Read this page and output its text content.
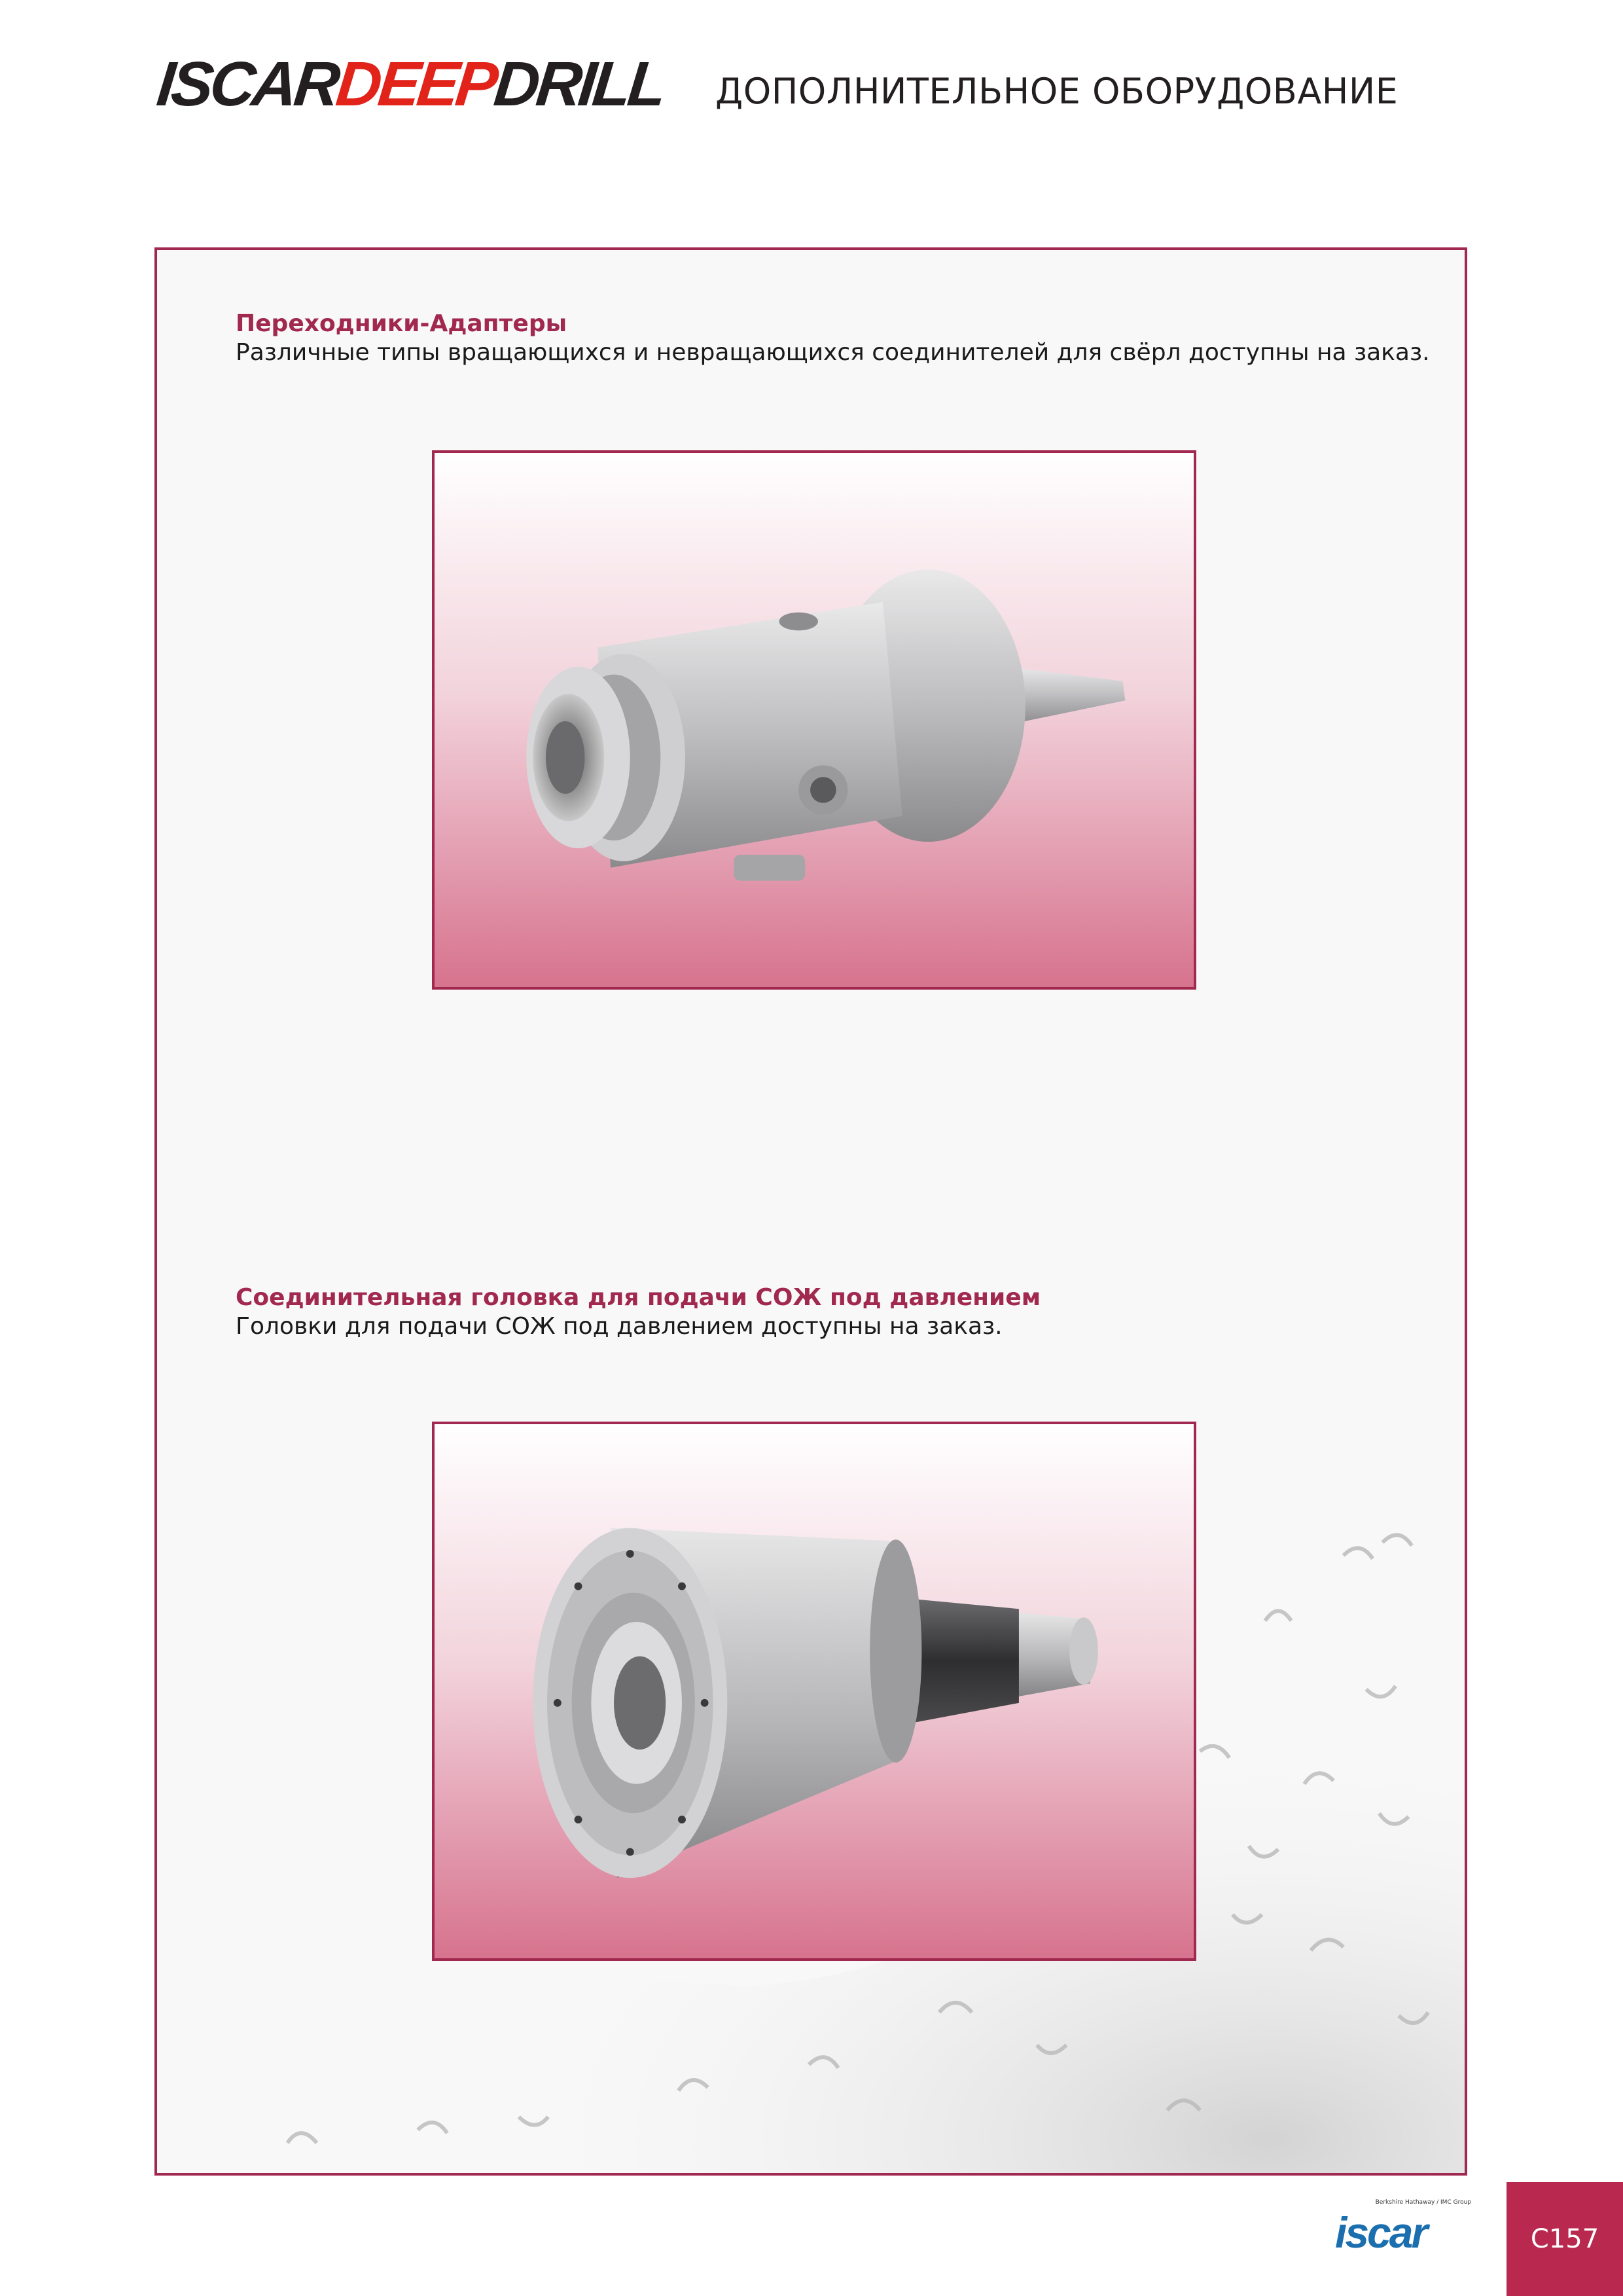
ISCARDEEPDRILL ДОПОЛНИТЕЛЬНОЕ ОБОРУДОВАНИЕ
Переходники-Адаптеры
Различные типы вращающихся и невращающихся соединителей для свёрл доступны на заказ.
Соединительная головка для подачи СОЖ под давлением
Головки для подачи СОЖ под давлением доступны на заказ.
Berkshire Hathaway / IMC Group
iscar	C157
